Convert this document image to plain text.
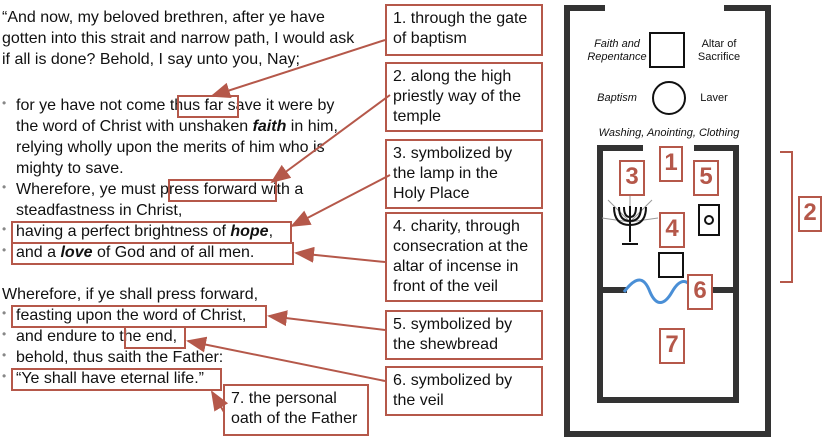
“And now, my beloved brethren, after ye have
gotten into this strait and narrow path, I would ask
if all is done? Behold, I say unto you, Nay;
• for ye have not come thus far save it were by
the word of Christ with unshaken faith in him,
relying wholly upon the merits of him who is
mighty to save.
• Wherefore, ye must press forward with a
steadfastness in Christ,
• having a perfect brightness of hope,
• and a love of God and of all men.
Wherefore, if ye shall press forward,
• feasting upon the word of Christ,
• and endure to the end,
• behold, thus saith the Father:
• “Ye shall have eternal life.”
1. through the gate
of baptism
2. along the high
priestly way of the
temple
3. symbolized by
the lamp in the
Holy Place
4. charity, through
consecration at the
altar of incense in
front of the veil
5. symbolized by
the shewbread
6. symbolized by
the veil
7. the personal
oath of the Father
Faith and
Repentance
Altar of
Sacrifice
Baptism	Laver
Washing, Anointing, Clothing
1
2
3
4
5
6
7
